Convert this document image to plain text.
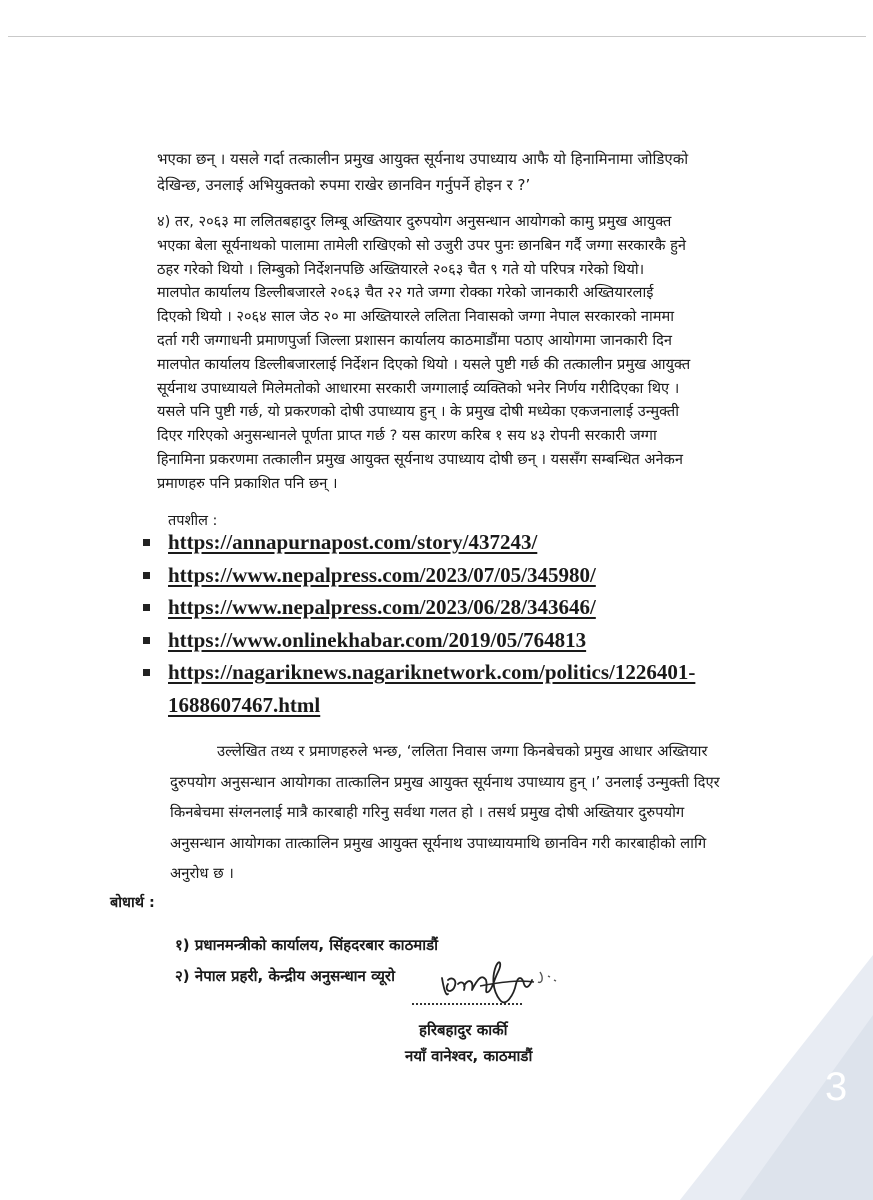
भएका छन् । यसले गर्दा तत्कालीन प्रमुख आयुक्त सूर्यनाथ उपाध्याय आफै यो हिनामिनामा जोडिएको
देखिन्छ, उनलाई अभियुक्तको रुपमा राखेर छानविन गर्नुपर्ने होइन र ?’

४) तर, २०६३ मा ललितबहादुर लिम्बू अख्तियार दुरुपयोग अनुसन्धान आयोगको कामु प्रमुख आयुक्त
भएका बेला सूर्यनाथको पालामा तामेली राखिएको सो उजुरी उपर पुनः छानबिन गर्दै जग्गा सरकारकै हुने
ठहर गरेको थियो । लिम्बुको निर्देशनपछि अख्तियारले २०६३ चैत ९ गते यो परिपत्र गरेको थियो।
मालपोत कार्यालय डिल्लीबजारले २०६३ चैत २२ गते जग्गा रोक्का गरेको जानकारी अख्तियारलाई
दिएको थियो । २०६४ साल जेठ २० मा अख्तियारले ललिता निवासको जग्गा नेपाल सरकारको नाममा
दर्ता गरी जग्गाधनी प्रमाणपुर्जा जिल्ला प्रशासन कार्यालय काठमाडौंमा पठाए आयोगमा जानकारी दिन
मालपोत कार्यालय डिल्लीबजारलाई निर्देशन दिएको थियो । यसले पुष्टी गर्छ की तत्कालीन प्रमुख आयुक्त
सूर्यनाथ उपाध्यायले मिलेमतोको आधारमा सरकारी जग्गालाई व्यक्तिको भनेर निर्णय गरीदिएका थिए ।
यसले पनि पुष्टी गर्छ, यो प्रकरणको दोषी उपाध्याय हुन् । के प्रमुख दोषी मध्येका एकजनालाई उन्मुक्ती
दिएर गरिएको अनुसन्धानले पूर्णता प्राप्त गर्छ ? यस कारण करिब १ सय ४३ रोपनी सरकारी जग्गा
हिनामिना प्रकरणमा तत्कालीन प्रमुख आयुक्त सूर्यनाथ उपाध्याय दोषी छन् । यससँग सम्बन्धित अनेकन
प्रमाणहरु पनि प्रकाशित पनि छन् ।

तपशील :
https://annapurnapost.com/story/437243/
https://www.nepalpress.com/2023/07/05/345980/
https://www.nepalpress.com/2023/06/28/343646/
https://www.onlinekhabar.com/2019/05/764813
https://nagariknews.nagariknetwork.com/politics/1226401-
1688607467.html

उल्लेखित तथ्य र प्रमाणहरुले भन्छ, ‘ललिता निवास जग्गा किनबेचको प्रमुख आधार अख्तियार
दुरुपयोग अनुसन्धान आयोगका तात्कालिन प्रमुख आयुक्त सूर्यनाथ उपाध्याय हुन् ।’ उनलाई उन्मुक्ती दिएर
किनबेचमा संग्लनलाई मात्रै कारबाही गरिनु सर्वथा गलत हो । तसर्थ प्रमुख दोषी अख्तियार दुरुपयोग
अनुसन्धान आयोगका तात्कालिन प्रमुख आयुक्त सूर्यनाथ उपाध्यायमाथि छानविन गरी कारबाहीको लागि
अनुरोध छ ।

बोधार्थ :
१) प्रधानमन्त्रीको कार्यालय, सिंहदरबार काठमाडौं
२) नेपाल प्रहरी, केन्द्रीय अनुसन्धान व्यूरो
हरिबहादुर कार्की
नयाँ वानेश्वर, काठमाडौं
3
